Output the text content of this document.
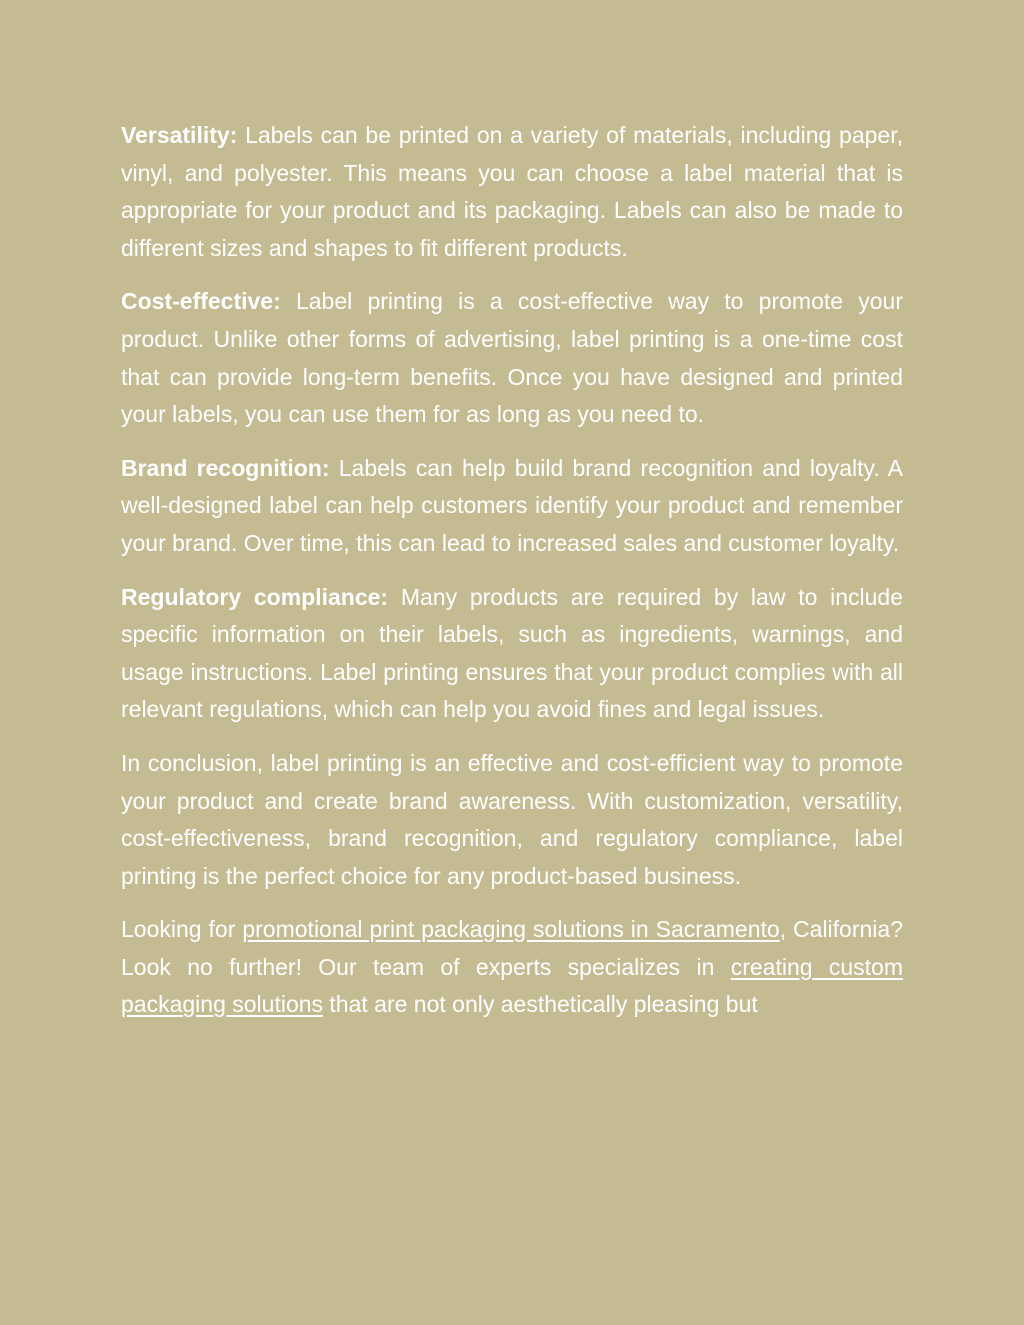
Versatility: Labels can be printed on a variety of materials, including paper, vinyl, and polyester. This means you can choose a label material that is appropriate for your product and its packaging. Labels can also be made to different sizes and shapes to fit different products.

Cost-effective: Label printing is a cost-effective way to promote your product. Unlike other forms of advertising, label printing is a one-time cost that can provide long-term benefits. Once you have designed and printed your labels, you can use them for as long as you need to.

Brand recognition: Labels can help build brand recognition and loyalty. A well-designed label can help customers identify your product and remember your brand. Over time, this can lead to increased sales and customer loyalty.

Regulatory compliance: Many products are required by law to include specific information on their labels, such as ingredients, warnings, and usage instructions. Label printing ensures that your product complies with all relevant regulations, which can help you avoid fines and legal issues.

In conclusion, label printing is an effective and cost-efficient way to promote your product and create brand awareness. With customization, versatility, cost-effectiveness, brand recognition, and regulatory compliance, label printing is the perfect choice for any product-based business.

Looking for promotional print packaging solutions in Sacramento, California? Look no further! Our team of experts specializes in creating custom packaging solutions that are not only aesthetically pleasing but
